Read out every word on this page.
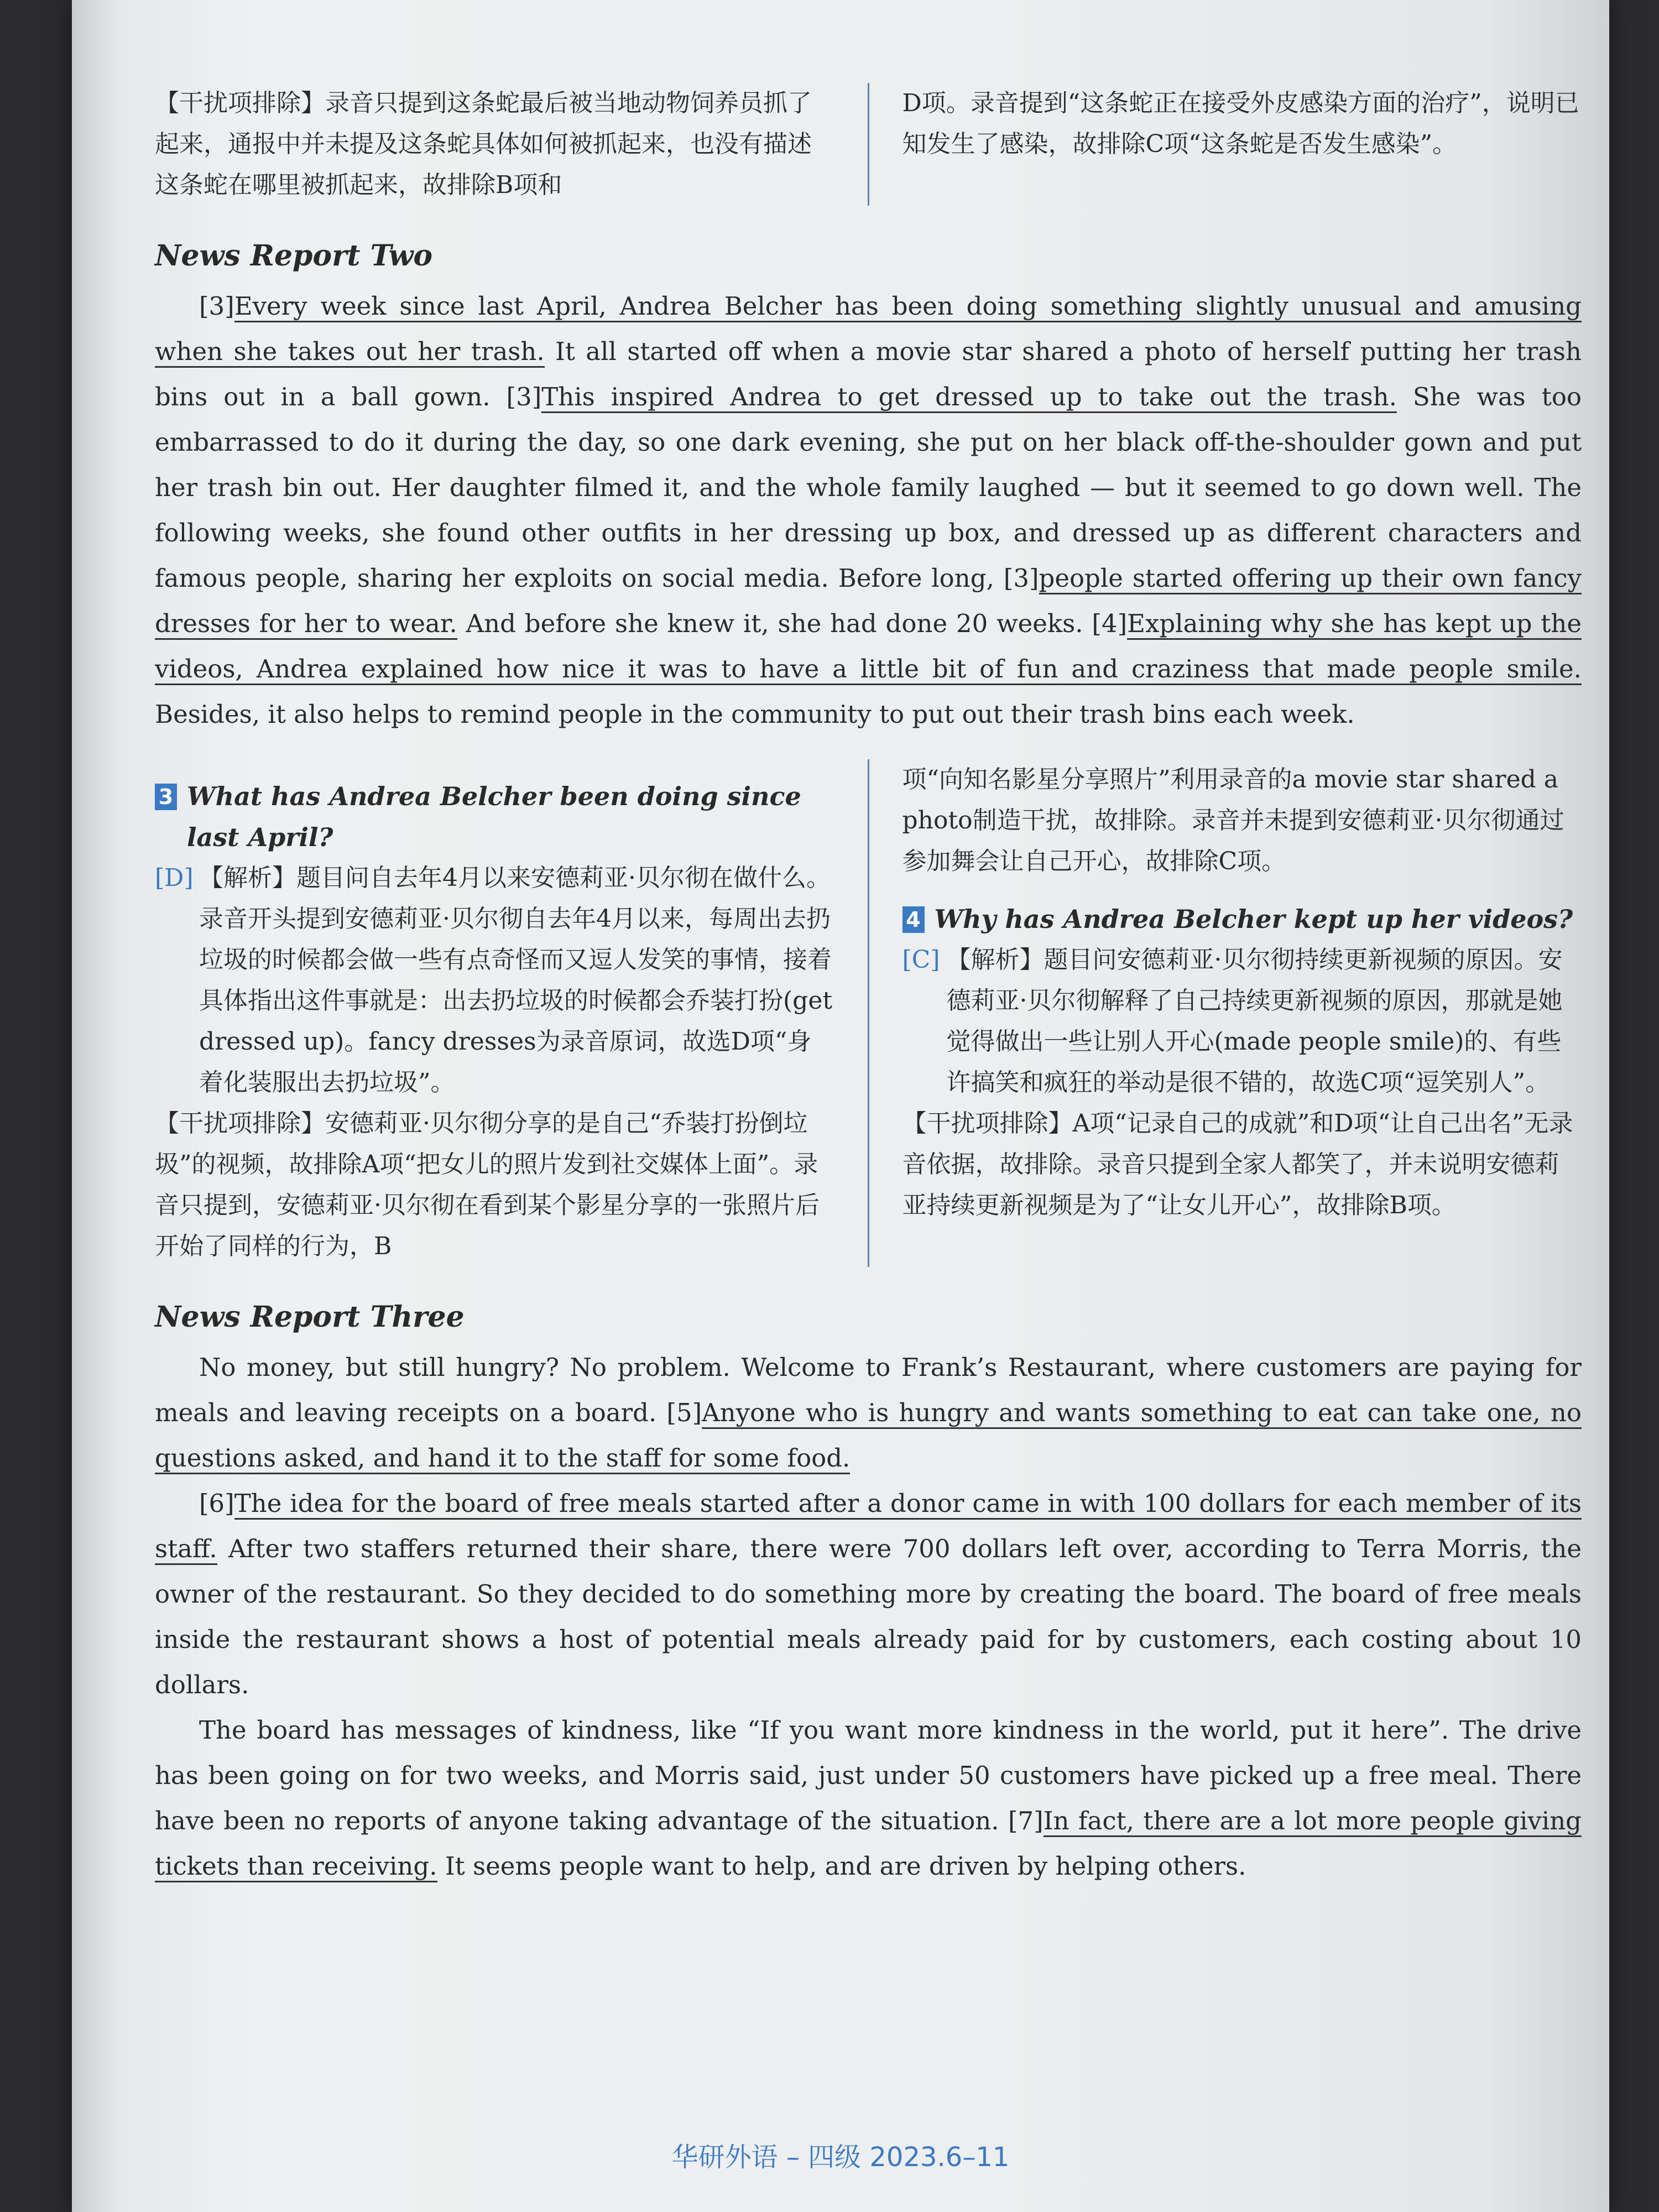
【干扰项排除】录音只提到这条蛇最后被当地动物饲养员抓了起来，通报中并未提及这条蛇具体如何被抓起来，也没有描述这条蛇在哪里被抓起来，故排除B项和
D项。录音提到“这条蛇正在接受外皮感染方面的治疗”，说明已知发生了感染，故排除C项“这条蛇是否发生感染”。
News Report Two

[3]Every week since last April, Andrea Belcher has been doing something slightly unusual and amusing when she takes out her trash. It all started off when a movie star shared a photo of herself putting her trash bins out in a ball gown. [3]This inspired Andrea to get dressed up to take out the trash. She was too embarrassed to do it during the day, so one dark evening, she put on her black off-the-shoulder gown and put her trash bin out. Her daughter filmed it, and the whole family laughed — but it seemed to go down well. The following weeks, she found other outfits in her dressing up box, and dressed up as different characters and famous people, sharing her exploits on social media. Before long, [3]people started offering up their own fancy dresses for her to wear. And before she knew it, she had done 20 weeks. [4]Explaining why she has kept up the videos, Andrea explained how nice it was to have a little bit of fun and craziness that made people smile. Besides, it also helps to remind people in the community to put out their trash bins each week.

3 What has Andrea Belcher been doing since last April?
[D] 【解析】题目问自去年4月以来安德莉亚·贝尔彻在做什么。录音开头提到安德莉亚·贝尔彻自去年4月以来，每周出去扔垃圾的时候都会做一些有点奇怪而又逗人发笑的事情，接着具体指出这件事就是：出去扔垃圾的时候都会乔装打扮(get dressed up)。fancy dresses为录音原词，故选D项“身着化装服出去扔垃圾”。
【干扰项排除】安德莉亚·贝尔彻分享的是自己“乔装打扮倒垃圾”的视频，故排除A项“把女儿的照片发到社交媒体上面”。录音只提到，安德莉亚·贝尔彻在看到某个影星分享的一张照片后开始了同样的行为，B
项“向知名影星分享照片”利用录音的a movie star shared a photo制造干扰，故排除。录音并未提到安德莉亚·贝尔彻通过参加舞会让自己开心，故排除C项。
4 Why has Andrea Belcher kept up her videos?
[C] 【解析】题目问安德莉亚·贝尔彻持续更新视频的原因。安德莉亚·贝尔彻解释了自己持续更新视频的原因，那就是她觉得做出一些让别人开心(made people smile)的、有些许搞笑和疯狂的举动是很不错的，故选C项“逗笑别人”。
【干扰项排除】A项“记录自己的成就”和D项“让自己出名”无录音依据，故排除。录音只提到全家人都笑了，并未说明安德莉亚持续更新视频是为了“让女儿开心”，故排除B项。
News Report Three

No money, but still hungry? No problem. Welcome to Frank’s Restaurant, where customers are paying for meals and leaving receipts on a board. [5]Anyone who is hungry and wants something to eat can take one, no questions asked, and hand it to the staff for some food.

[6]The idea for the board of free meals started after a donor came in with 100 dollars for each member of its staff. After two staffers returned their share, there were 700 dollars left over, according to Terra Morris, the owner of the restaurant. So they decided to do something more by creating the board. The board of free meals inside the restaurant shows a host of potential meals already paid for by customers, each costing about 10 dollars.

The board has messages of kindness, like “If you want more kindness in the world, put it here”. The drive has been going on for two weeks, and Morris said, just under 50 customers have picked up a free meal. There have been no reports of anyone taking advantage of the situation. [7]In fact, there are a lot more people giving tickets than receiving. It seems people want to help, and are driven by helping others.

华研外语 – 四级 2023.6–11
